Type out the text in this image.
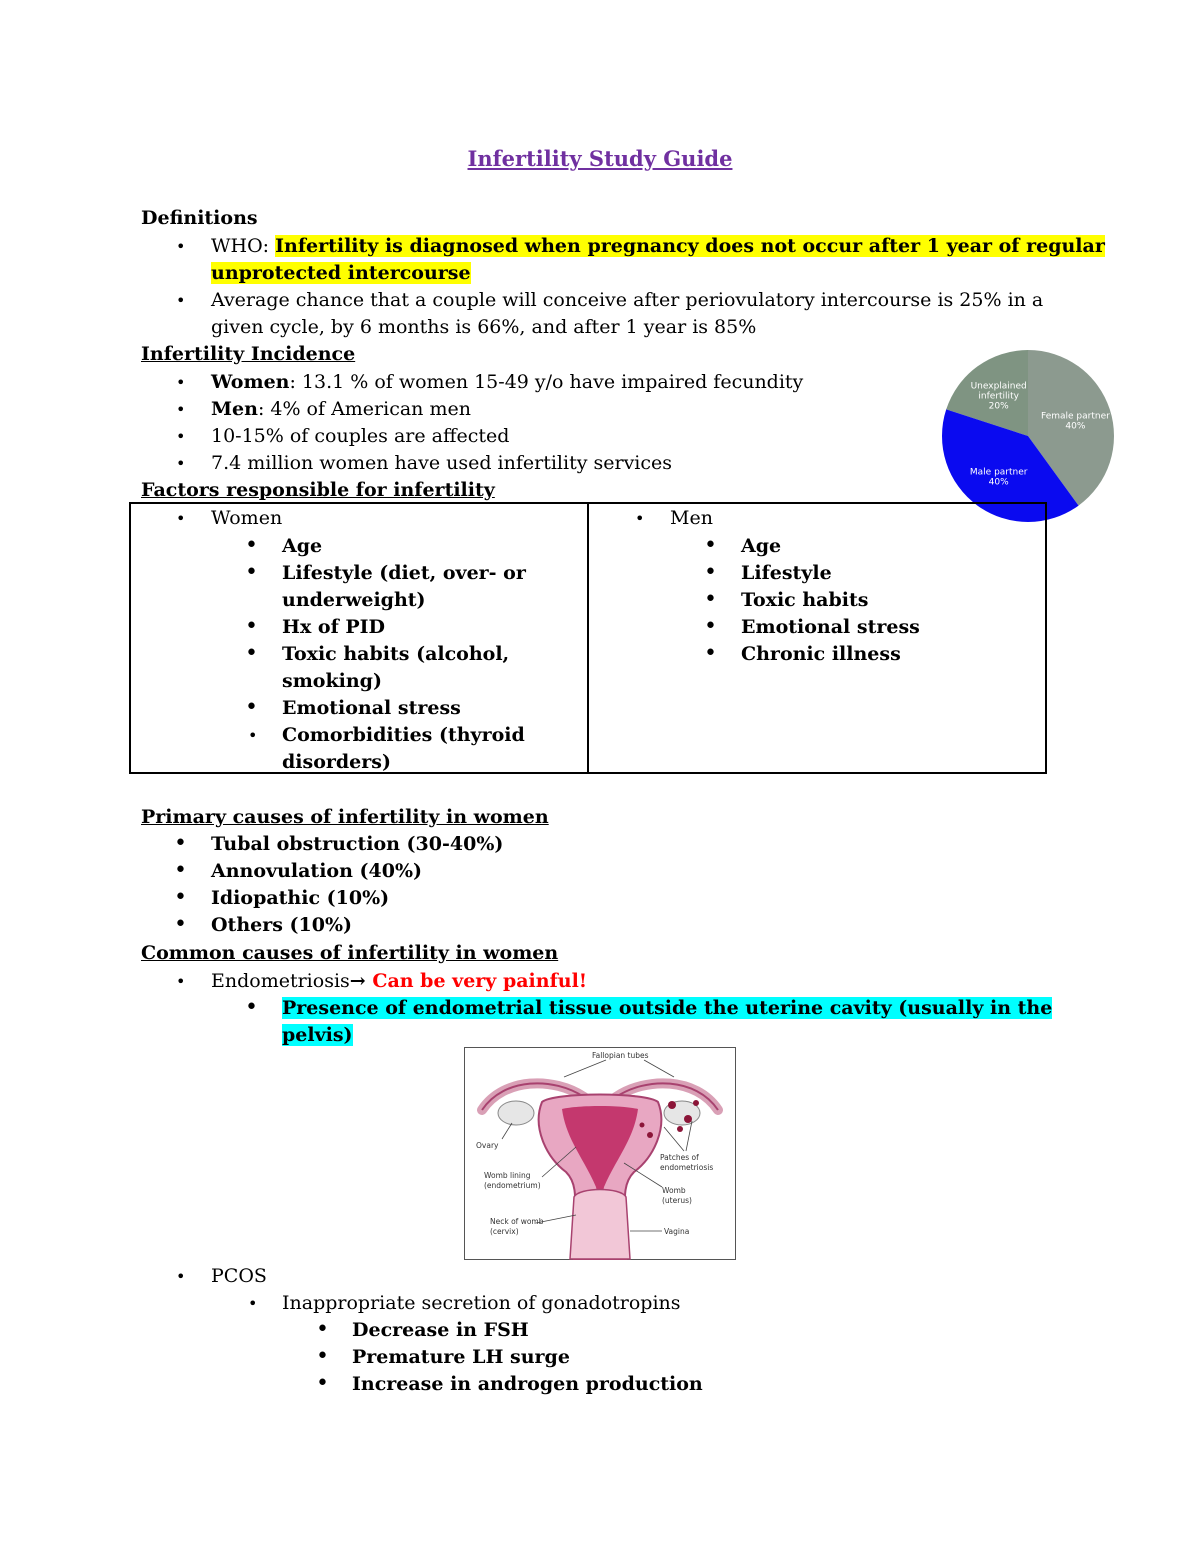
Infertility Study Guide
Definitions
• WHO: Infertility is diagnosed when pregnancy does not occur after 1 year of regular
unprotected intercourse
• Average chance that a couple will conceive after periovulatory intercourse is 25% in a
given cycle, by 6 months is 66%, and after 1 year is 85%
Infertility Incidence
• Women: 13.1 % of women 15-49 y/o have impaired fecundity
• Men: 4% of American men
• 10-15% of couples are affected
• 7.4 million women have used infertility services
Unexplained
infertility
20%
Female partner
40%
Male partner
40%
Factors responsible for infertility
• Women
• Age
• Lifestyle (diet, over- or
underweight)
• Hx of PID
• Toxic habits (alcohol,
smoking)
• Emotional stress
• Comorbidities (thyroid
disorders)
• Men
• Age
• Lifestyle
• Toxic habits
• Emotional stress
• Chronic illness
Primary causes of infertility in women
• Tubal obstruction (30-40%)
• Annovulation (40%)
• Idiopathic (10%)
• Others (10%)
Common causes of infertility in women
• Endometriosis→ Can be very painful!
• Presence of endometrial tissue outside the uterine cavity (usually in the
pelvis)
Fallopian tubes
Ovary
Patches of
endometriosis
Womb lining
(endometrium)
Womb
(uterus)
Neck of womb
(cervix)	Vagina
• PCOS
• Inappropriate secretion of gonadotropins
• Decrease in FSH
• Premature LH surge
• Increase in androgen production
